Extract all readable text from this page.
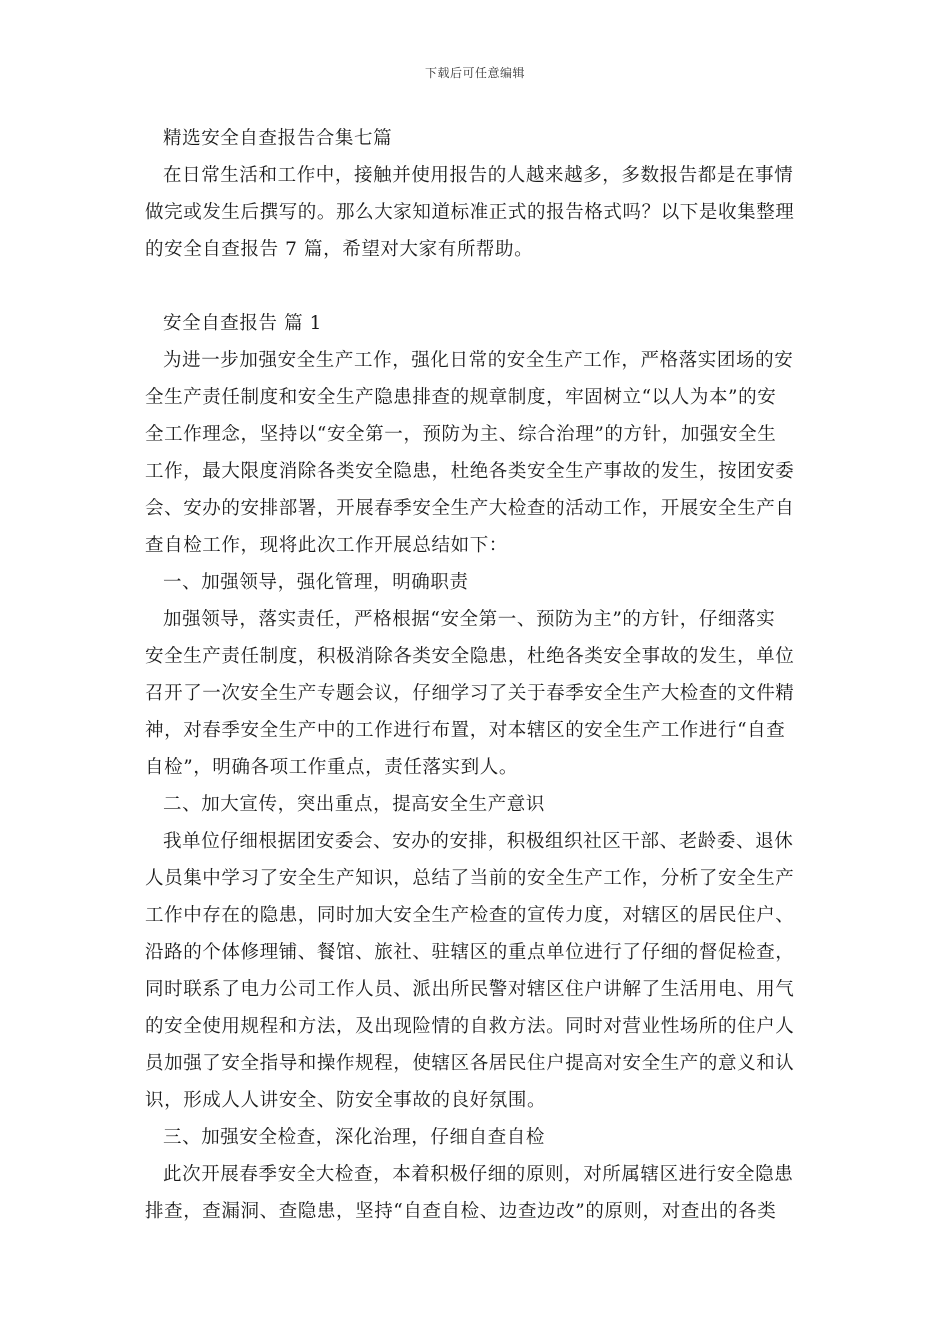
下载后可任意编辑
精选安全自查报告合集七篇
在日常生活和工作中，接触并使用报告的人越来越多，多数报告都是在事情
做完或发生后撰写的。那么大家知道标准正式的报告格式吗？以下是收集整理
的安全自查报告 7 篇，希望对大家有所帮助。
安全自查报告 篇 1
为进一步加强安全生产工作，强化日常的安全生产工作，严格落实团场的安
全生产责任制度和安全生产隐患排查的规章制度，牢固树立“以人为本”的安
全工作理念，坚持以“安全第一，预防为主、综合治理”的方针，加强安全生
工作，最大限度消除各类安全隐患，杜绝各类安全生产事故的发生，按团安委
会、安办的安排部署，开展春季安全生产大检查的活动工作，开展安全生产自
查自检工作，现将此次工作开展总结如下：
一、加强领导，强化管理，明确职责
加强领导，落实责任，严格根据“安全第一、预防为主”的方针，仔细落实
安全生产责任制度，积极消除各类安全隐患，杜绝各类安全事故的发生，单位
召开了一次安全生产专题会议，仔细学习了关于春季安全生产大检查的文件精
神，对春季安全生产中的工作进行布置，对本辖区的安全生产工作进行“自查
自检”，明确各项工作重点，责任落实到人。
二、加大宣传，突出重点，提高安全生产意识
我单位仔细根据团安委会、安办的安排，积极组织社区干部、老龄委、退休
人员集中学习了安全生产知识，总结了当前的安全生产工作，分析了安全生产
工作中存在的隐患，同时加大安全生产检查的宣传力度，对辖区的居民住户、
沿路的个体修理铺、餐馆、旅社、驻辖区的重点单位进行了仔细的督促检查，
同时联系了电力公司工作人员、派出所民警对辖区住户讲解了生活用电、用气
的安全使用规程和方法，及出现险情的自救方法。同时对营业性场所的住户人
员加强了安全指导和操作规程，使辖区各居民住户提高对安全生产的意义和认
识，形成人人讲安全、防安全事故的良好氛围。
三、加强安全检查，深化治理，仔细自查自检
此次开展春季安全大检查，本着积极仔细的原则，对所属辖区进行安全隐患
排查，查漏洞、查隐患，坚持“自查自检、边查边改”的原则，对查出的各类
